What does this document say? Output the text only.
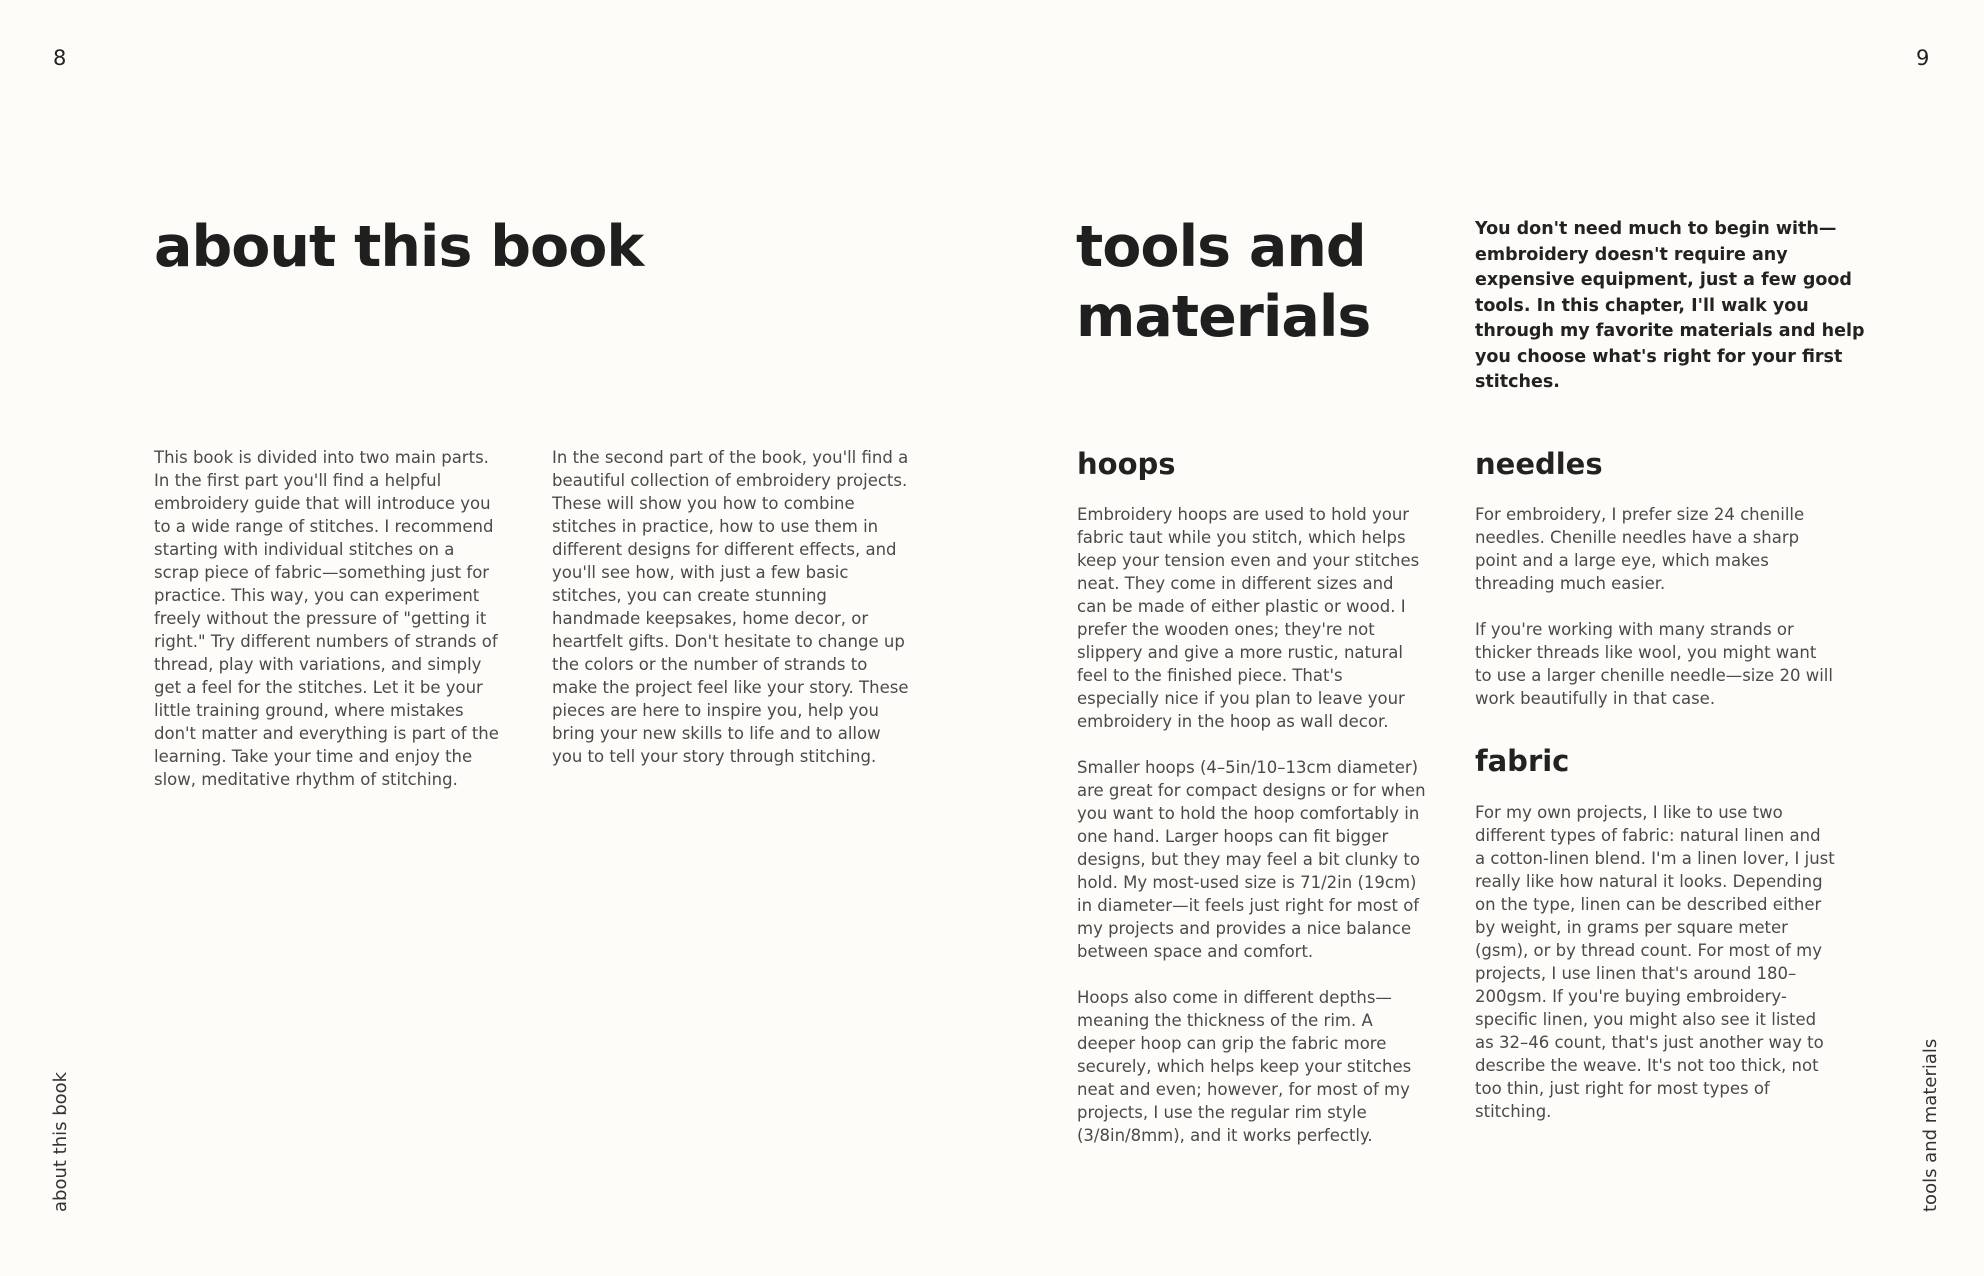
8
about this book
about this book

This book is divided into two main parts. In the first part you'll find a helpful embroidery guide that will introduce you to a wide range of stitches. I recommend starting with individual stitches on a scrap piece of fabric—something just for practice. This way, you can experiment freely without the pressure of "getting it right." Try different numbers of strands of thread, play with variations, and simply get a feel for the stitches. Let it be your little training ground, where mistakes don't matter and everything is part of the learning. Take your time and enjoy the slow, meditative rhythm of stitching.

In the second part of the book, you'll find a beautiful collection of embroidery projects. These will show you how to combine stitches in practice, how to use them in different designs for different effects, and you'll see how, with just a few basic stitches, you can create stunning handmade keepsakes, home decor, or heartfelt gifts. Don't hesitate to change up the colors or the number of strands to make the project feel like your story. These pieces are here to inspire you, help you bring your new skills to life and to allow you to tell your story through stitching.

9
tools and materials
tools and materials
You don't need much to begin with—embroidery doesn't require any expensive equipment, just a few good tools. In this chapter, I'll walk you through my favorite materials and help you choose what's right for your first stitches.
hoops

Embroidery hoops are used to hold your fabric taut while you stitch, which helps keep your tension even and your stitches neat. They come in different sizes and can be made of either plastic or wood. I prefer the wooden ones; they're not slippery and give a more rustic, natural feel to the finished piece. That's especially nice if you plan to leave your embroidery in the hoop as wall decor.

Smaller hoops (4–5in/10–13cm diameter) are great for compact designs or for when you want to hold the hoop comfortably in one hand. Larger hoops can fit bigger designs, but they may feel a bit clunky to hold. My most-used size is 71/2in (19cm) in diameter—it feels just right for most of my projects and provides a nice balance between space and comfort.

Hoops also come in different depths—meaning the thickness of the rim. A deeper hoop can grip the fabric more securely, which helps keep your stitches neat and even; however, for most of my projects, I use the regular rim style (3/8in/8mm), and it works perfectly.

needles

For embroidery, I prefer size 24 chenille needles. Chenille needles have a sharp point and a large eye, which makes threading much easier.

If you're working with many strands or thicker threads like wool, you might want to use a larger chenille needle—size 20 will work beautifully in that case.

fabric

For my own projects, I like to use two different types of fabric: natural linen and a cotton-linen blend. I'm a linen lover, I just really like how natural it looks. Depending on the type, linen can be described either by weight, in grams per square meter (gsm), or by thread count. For most of my projects, I use linen that's around 180–200gsm. If you're buying embroidery-specific linen, you might also see it listed as 32–46 count, that's just another way to describe the weave. It's not too thick, not too thin, just right for most types of stitching.
